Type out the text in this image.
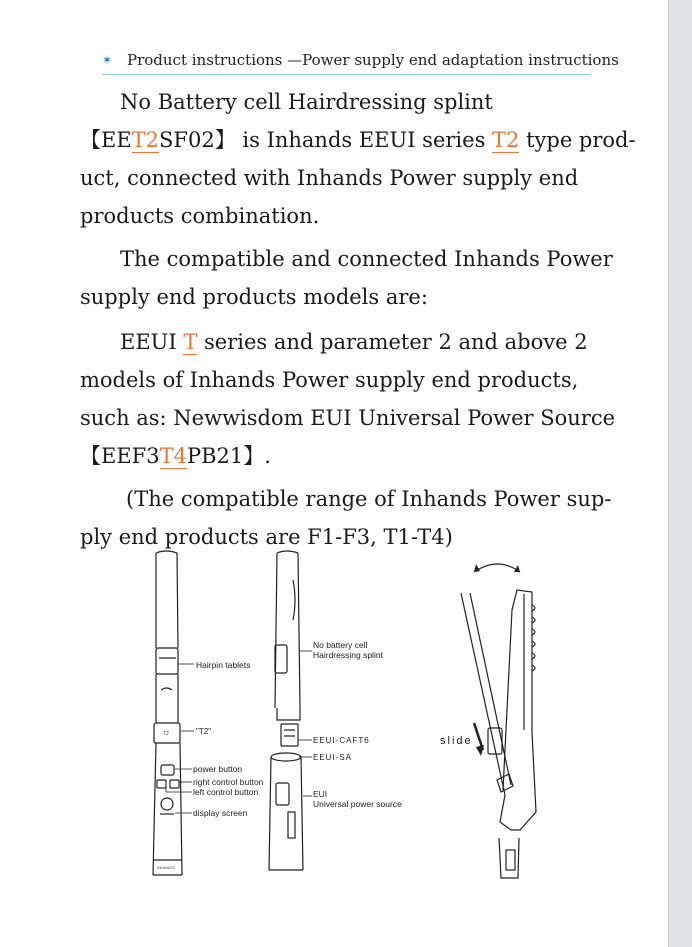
✶ Product instructions —Power supply end adaptation instructions
No Battery cell Hairdressing splint
【EET2SF02】 is Inhands EEUI series T2 type prod-
uct, connected with Inhands Power supply end
products combination.
The compatible and connected Inhands Power
supply end products models are:
EEUI T series and parameter 2 and above 2
models of Inhands Power supply end products,
such as: Newwisdom EUI Universal Power Source
【EEF3T4PB21】.
(The compatible range of Inhands Power sup-
ply end products are F1-F3, T1-T4)
Hairpin tablets
"T2"
power button
right control button
left control button
display screen
No battery cell
Hairdressing splint
EEUI-CAFT6
EEUI-SA
EUI
Universal power source
slide
T2
INHANDS
